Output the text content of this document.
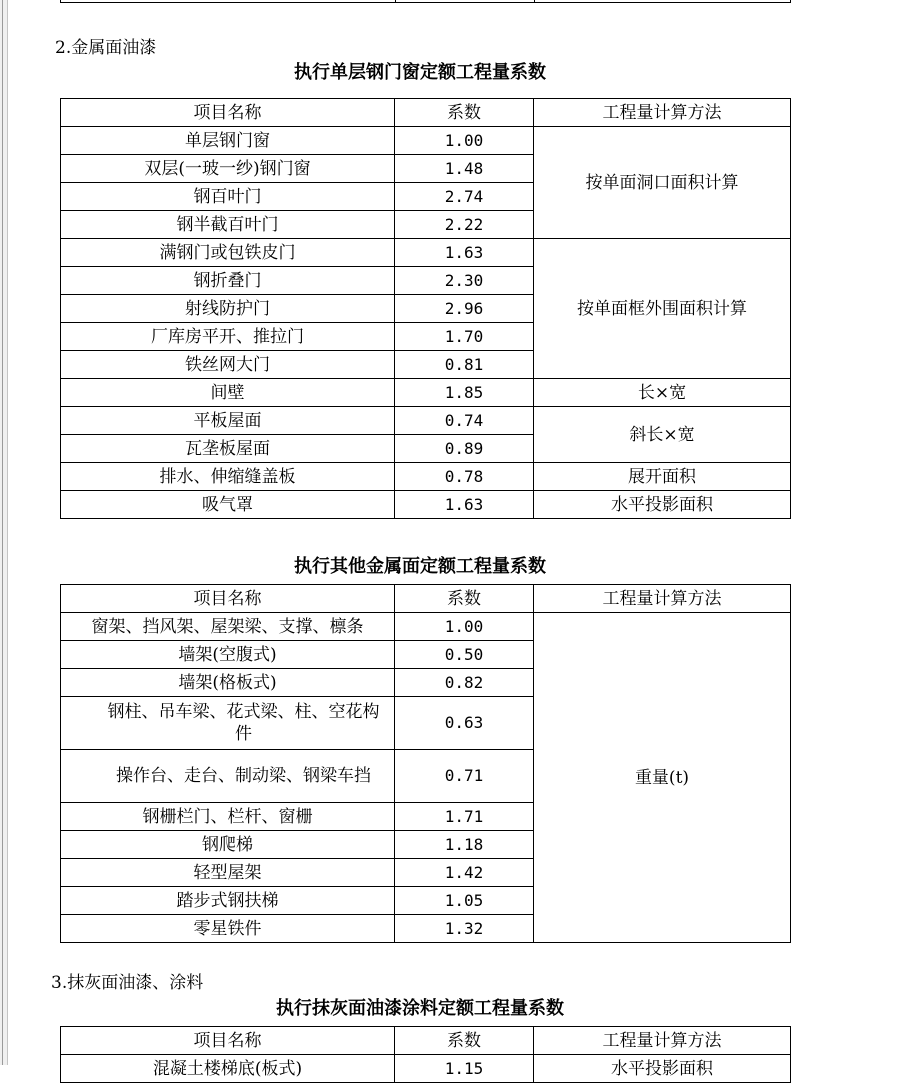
2.金属面油漆
执行单层钢门窗定额工程量系数
项目名称	系数	工程量计算方法
单层钢门窗	1.00	按单面洞口面积计算
双层(一玻一纱)钢门窗	1.48	
钢百叶门	2.74	
钢半截百叶门	2.22	
满钢门或包铁皮门	1.63	按单面框外围面积计算
钢折叠门	2.30	
射线防护门	2.96	
厂库房平开、推拉门	1.70	
铁丝网大门	0.81	
间壁	1.85	长×宽
平板屋面	0.74	斜长×宽
瓦垄板屋面	0.89	
排水、伸缩缝盖板	0.78	展开面积
吸气罩	1.63	水平投影面积
执行其他金属面定额工程量系数
项目名称	系数	工程量计算方法
窗架、挡风架、屋架梁、支撑、檩条	1.00	重量(t)
墙架(空腹式)	0.50	
墙架(格板式)	0.82	
钢柱、吊车梁、花式梁、柱、空花构件	0.63	
操作台、走台、制动梁、钢梁车挡	0.71	
钢栅栏门、栏杆、窗栅	1.71	
钢爬梯	1.18	
轻型屋架	1.42	
踏步式钢扶梯	1.05	
零星铁件	1.32	
3.抹灰面油漆、涂料
执行抹灰面油漆涂料定额工程量系数
项目名称	系数	工程量计算方法
混凝土楼梯底(板式)	1.15	水平投影面积
